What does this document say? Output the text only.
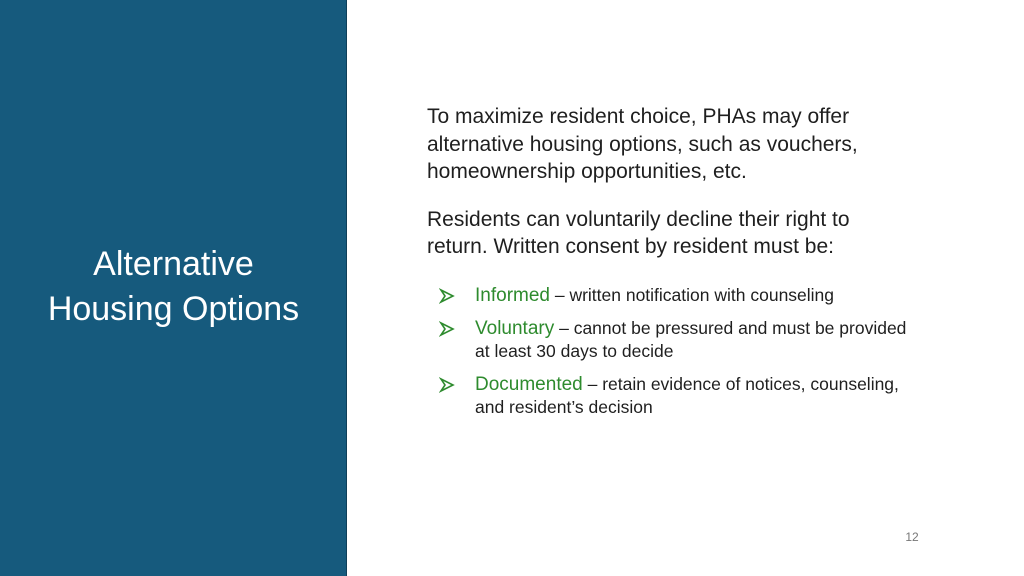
Alternative
Housing Options

To maximize resident choice, PHAs may offer alternative housing options, such as vouchers, homeownership opportunities, etc.

Residents can voluntarily decline their right to return. Written consent by resident must be:

Informed – written notification with counseling
Voluntary – cannot be pressured and must be provided at least 30 days to decide
Documented – retain evidence of notices, counseling, and resident’s decision
12
